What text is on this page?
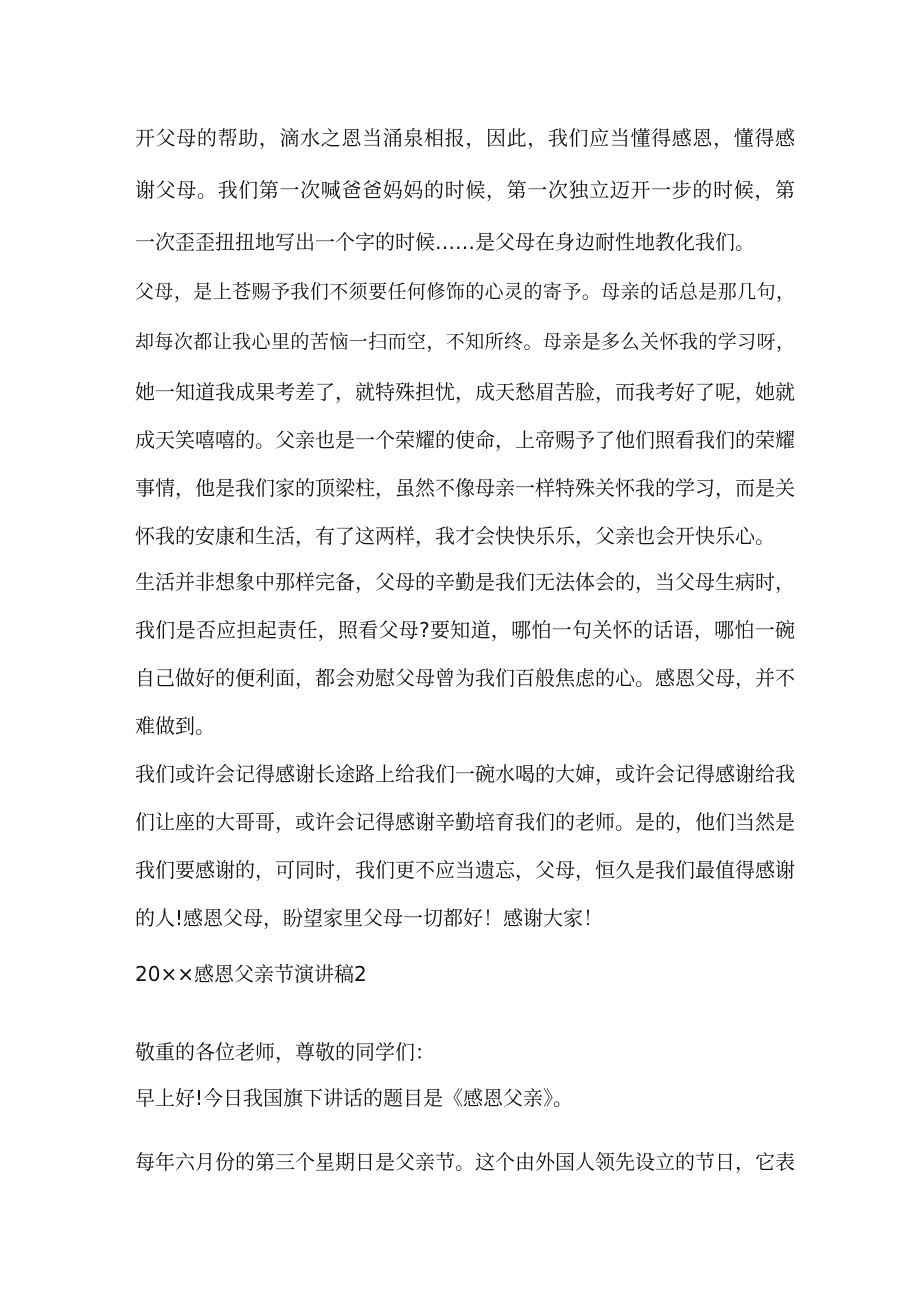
开父母的帮助，滴水之恩当涌泉相报，因此，我们应当懂得感恩，懂得感
谢父母。我们第一次喊爸爸妈妈的时候，第一次独立迈开一步的时候，第
一次歪歪扭扭地写出一个字的时候……是父母在身边耐性地教化我们。
父母，是上苍赐予我们不须要任何修饰的心灵的寄予。母亲的话总是那几句，
却每次都让我心里的苦恼一扫而空，不知所终。母亲是多么关怀我的学习呀，
她一知道我成果考差了，就特殊担忧，成天愁眉苦脸，而我考好了呢，她就
成天笑嘻嘻的。父亲也是一个荣耀的使命，上帝赐予了他们照看我们的荣耀
事情，他是我们家的顶梁柱，虽然不像母亲一样特殊关怀我的学习，而是关
怀我的安康和生活，有了这两样，我才会快快乐乐，父亲也会开快乐心。
生活并非想象中那样完备，父母的辛勤是我们无法体会的，当父母生病时，
我们是否应担起责任，照看父母?要知道，哪怕一句关怀的话语，哪怕一碗
自己做好的便利面，都会劝慰父母曾为我们百般焦虑的心。感恩父母，并不
难做到。
我们或许会记得感谢长途路上给我们一碗水喝的大婶，或许会记得感谢给我
们让座的大哥哥，或许会记得感谢辛勤培育我们的老师。是的，他们当然是
我们要感谢的，可同时，我们更不应当遗忘，父母，恒久是我们最值得感谢
的人!感恩父母，盼望家里父母一切都好！感谢大家！
20××感恩父亲节演讲稿2
敬重的各位老师，尊敬的同学们：
早上好!今日我国旗下讲话的题目是《感恩父亲》。
每年六月份的第三个星期日是父亲节。这个由外国人领先设立的节日，它表
